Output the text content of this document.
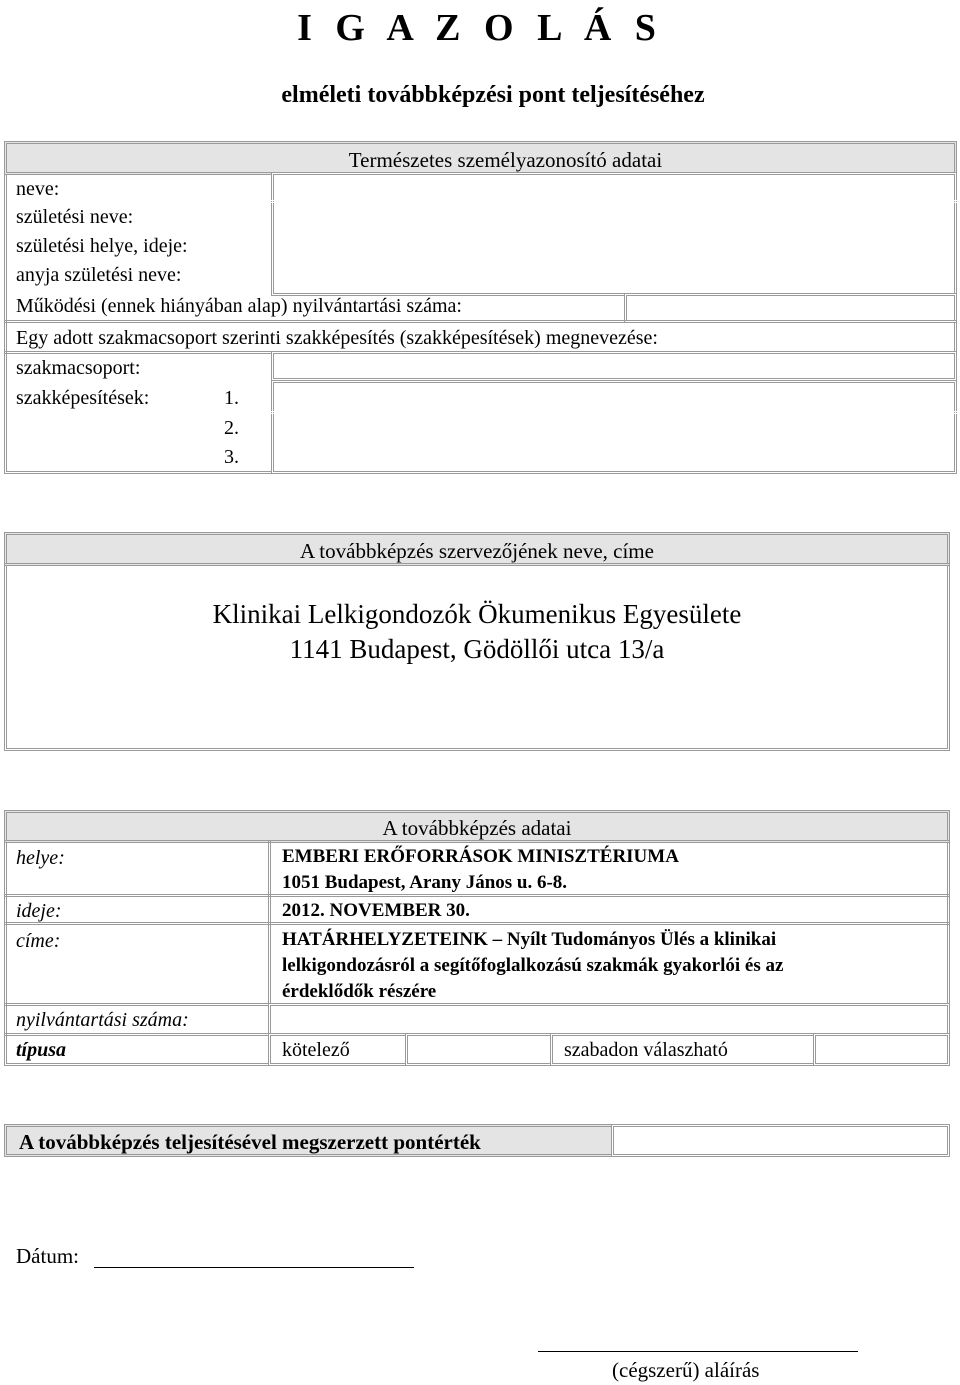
I G A Z O L Á S
elméleti továbbképzési pont teljesítéséhez
Természetes személyazonosító adatai
neve:
születési neve:
születési helye, ideje:
anyja születési neve:
Működési (ennek hiányában alap) nyilvántartási száma:
Egy adott szakmacsoport szerinti szakképesítés (szakképesítések) megnevezése:
szakmacsoport:
szakképesítések:	1.
2.
3.
A továbbképzés szervezőjének neve, címe
Klinikai Lelkigondozók Ökumenikus Egyesülete
1141 Budapest, Gödöllői utca 13/a
A továbbképzés adatai
helye:	EMBERI ERŐFORRÁSOK MINISZTÉRIUMA
1051 Budapest, Arany János u. 6-8.
ideje:	2012. NOVEMBER 30.
címe:	HATÁRHELYZETEINK – Nyílt Tudományos Ülés a klinikai
lelkigondozásról a segítőfoglalkozású szakmák gyakorlói és az
érdeklődők részére
nyilvántartási száma:
típusa	kötelező	szabadon válaszható
A továbbképzés teljesítésével megszerzett pontérték
Dátum:
(cégszerű) aláírás
